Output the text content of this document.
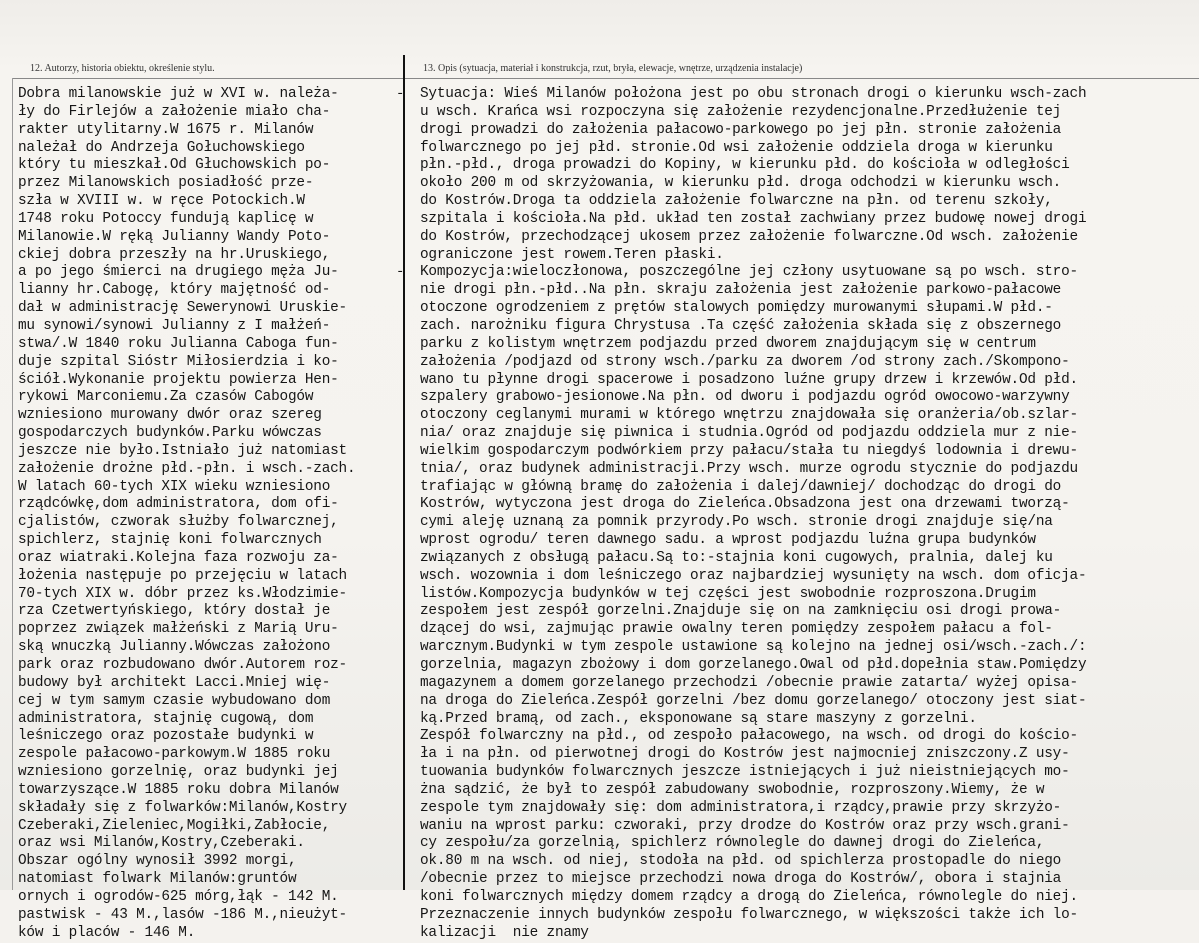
12. Autorzy, historia obiektu, określenie stylu.	13. Opis (sytuacja, materiał i konstrukcja, rzut, bryła, elewacje, wnętrze, urządzenia instalacje)
Dobra milanowskie już w XVI w. należa-
ły do Firlejów a założenie miało cha-
rakter utylitarny.W 1675 r. Milanów
należał do Andrzeja Gołuchowskiego
który tu mieszkał.Od Głuchowskich po-
przez Milanowskich posiadłość prze-
szła w XVIII w. w ręce Potockich.W
1748 roku Potoccy fundują kaplicę w
Milanowie.W ręką Julianny Wandy Poto-
ckiej dobra przeszły na hr.Uruskiego,
a po jego śmierci na drugiego męża Ju-
lianny hr.Cabogę, który majętność od-
dał w administrację Sewerynowi Uruskie-
mu synowi/synowi Julianny z I małżeń-
stwa/.W 1840 roku Julianna Caboga fun-
duje szpital Sióstr Miłosierdzia i ko-
ściół.Wykonanie projektu powierza Hen-
rykowi Marconiemu.Za czasów Cabogów
wzniesiono murowany dwór oraz szereg
gospodarczych budynków.Parku wówczas
jeszcze nie było.Istniało już natomiast
założenie drożne płd.-płn. i wsch.-zach.
W latach 60-tych XIX wieku wzniesiono
rządcówkę,dom administratora, dom ofi-
cjalistów, czworak służby folwarcznej,
spichlerz, stajnię koni folwarcznych
oraz wiatraki.Kolejna faza rozwoju za-
łożenia następuje po przejęciu w latach
70-tych XIX w. dóbr przez ks.Włodzimie-
rza Czetwertyńskiego, który dostał je
poprzez związek małżeński z Marią Uru-
ską wnuczką Julianny.Wówczas założono
park oraz rozbudowano dwór.Autorem roz-
budowy był architekt Lacci.Mniej wię-
cej w tym samym czasie wybudowano dom
administratora, stajnię cugową, dom
leśniczego oraz pozostałe budynki w
zespole pałacowo-parkowym.W 1885 roku
wzniesiono gorzelnię, oraz budynki jej
towarzyszące.W 1885 roku dobra Milanów
składały się z folwarków:Milanów,Kostry
Czeberaki,Zieleniec,Mogiłki,Zabłocie,
oraz wsi Milanów,Kostry,Czeberaki.
Obszar ogólny wynosił 3992 morgi,
natomiast folwark Milanów:gruntów
ornych i ogrodów-625 mórg,łąk - 142 M.
pastwisk - 43 M.,lasów -186 M.,nieużyt-
ków i placów - 146 M.
Sytuacja: Wieś Milanów położona jest po obu stronach drogi o kierunku wsch-zach
u wsch. Krańca wsi rozpoczyna się założenie rezydencjonalne.Przedłużenie tej
drogi prowadzi do założenia pałacowo-parkowego po jej płn. stronie założenia
folwarcznego po jej płd. stronie.Od wsi założenie oddziela droga w kierunku
płn.-płd., droga prowadzi do Kopiny, w kierunku płd. do kościoła w odległości
około 200 m od skrzyżowania, w kierunku płd. droga odchodzi w kierunku wsch.
do Kostrów.Droga ta oddziela założenie folwarczne na płn. od terenu szkoły,
szpitala i kościoła.Na płd. układ ten został zachwiany przez budowę nowej drogi
do Kostrów, przechodzącej ukosem przez założenie folwarczne.Od wsch. założenie
ograniczone jest rowem.Teren płaski.
Kompozycja:wieloczłonowa, poszczególne jej człony usytuowane są po wsch. stro-
nie drogi płn.-płd..Na płn. skraju założenia jest założenie parkowo-pałacowe
otoczone ogrodzeniem z prętów stalowych pomiędzy murowanymi słupami.W płd.-
zach. narożniku figura Chrystusa .Ta część założenia składa się z obszernego
parku z kolistym wnętrzem podjazdu przed dworem znajdującym się w centrum
założenia /podjazd od strony wsch./parku za dworem /od strony zach./Skompono-
wano tu płynne drogi spacerowe i posadzono luźne grupy drzew i krzewów.Od płd.
szpalery grabowo-jesionowe.Na płn. od dworu i podjazdu ogród owocowo-warzywny
otoczony ceglanymi murami w którego wnętrzu znajdowała się oranżeria/ob.szlar-
nia/ oraz znajduje się piwnica i studnia.Ogród od podjazdu oddziela mur z nie-
wielkim gospodarczym podwórkiem przy pałacu/stała tu niegdyś lodownia i drewu-
tnia/, oraz budynek administracji.Przy wsch. murze ogrodu stycznie do podjazdu
trafiając w główną bramę do założenia i dalej/dawniej/ dochodząc do drogi do
Kostrów, wytyczona jest droga do Zieleńca.Obsadzona jest ona drzewami tworzą-
cymi aleję uznaną za pomnik przyrody.Po wsch. stronie drogi znajduje się/na
wprost ogrodu/ teren dawnego sadu. a wprost podjazdu luźna grupa budynków
związanych z obsługą pałacu.Są to:-stajnia koni cugowych, pralnia, dalej ku
wsch. wozownia i dom leśniczego oraz najbardziej wysunięty na wsch. dom oficja-
listów.Kompozycja budynków w tej części jest swobodnie rozproszona.Drugim
zespołem jest zespół gorzelni.Znajduje się on na zamknięciu osi drogi prowa-
dzącej do wsi, zajmując prawie owalny teren pomiędzy zespołem pałacu a fol-
warcznym.Budynki w tym zespole ustawione są kolejno na jednej osi/wsch.-zach./:
gorzelnia, magazyn zbożowy i dom gorzelanego.Owal od płd.dopełnia staw.Pomiędzy
magazynem a domem gorzelanego przechodzi /obecnie prawie zatarta/ wyżej opisa-
na droga do Zieleńca.Zespół gorzelni /bez domu gorzelanego/ otoczony jest siat-
ką.Przed bramą, od zach., eksponowane są stare maszyny z gorzelni.
Zespół folwarczny na płd., od zespoło pałacowego, na wsch. od drogi do kościo-
ła i na płn. od pierwotnej drogi do Kostrów jest najmocniej zniszczony.Z usy-
tuowania budynków folwarcznych jeszcze istniejących i już nieistniejących mo-
żna sądzić, że był to zespół zabudowany swobodnie, rozproszony.Wiemy, że w
zespole tym znajdowały się: dom administratora,i rządcy,prawie przy skrzyżo-
waniu na wprost parku: czworaki, przy drodze do Kostrów oraz przy wsch.grani-
cy zespołu/za gorzelnią, spichlerz równolegle do dawnej drogi do Zieleńca,
ok.80 m na wsch. od niej, stodoła na płd. od spichlerza prostopadle do niego
/obecnie przez to miejsce przechodzi nowa droga do Kostrów/, obora i stajnia
koni folwarcznych między domem rządcy a drogą do Zieleńca, równolegle do niej.
Przeznaczenie innych budynków zespołu folwarcznego, w większości także ich lo-
kalizacji  nie znamy
-
-
